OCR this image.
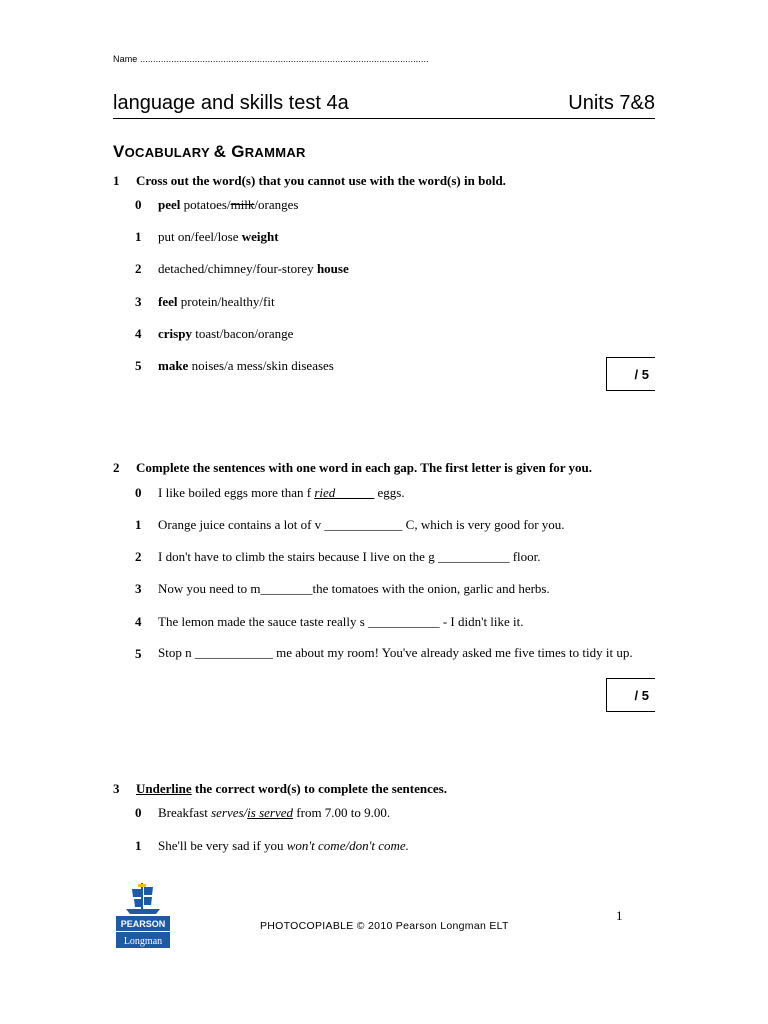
Name ...............................................................................................................
language and skills test 4a	Units 7&8
VOCABULARY & GRAMMAR
1 Cross out the word(s) that you cannot use with the word(s) in bold.
0 peel potatoes/milk/oranges
1 put on/feel/lose weight
2 detached/chimney/four-storey house
3 feel protein/healthy/fit
4 crispy toast/bacon/orange
5 make noises/a mess/skin diseases
/ 5
2 Complete the sentences with one word in each gap. The first letter is given for you.
0 I like boiled eggs more than f ried______ eggs.
1 Orange juice contains a lot of v ____________ C, which is very good for you.
2 I don't have to climb the stairs because I live on the g ___________ floor.
3 Now you need to m________the tomatoes with the onion, garlic and herbs.
4 The lemon made the sauce taste really s ___________ - I didn't like it.
5 Stop n ____________ me about my room! You've already asked me five times to tidy it up.
/ 5
3 Underline the correct word(s) to complete the sentences.
0 Breakfast serves/is served from 7.00 to 9.00.
1 She'll be very sad if you won't come/don't come.
PEARSON
Longman
PHOTOCOPIABLE © 2010 Pearson Longman ELT
1
